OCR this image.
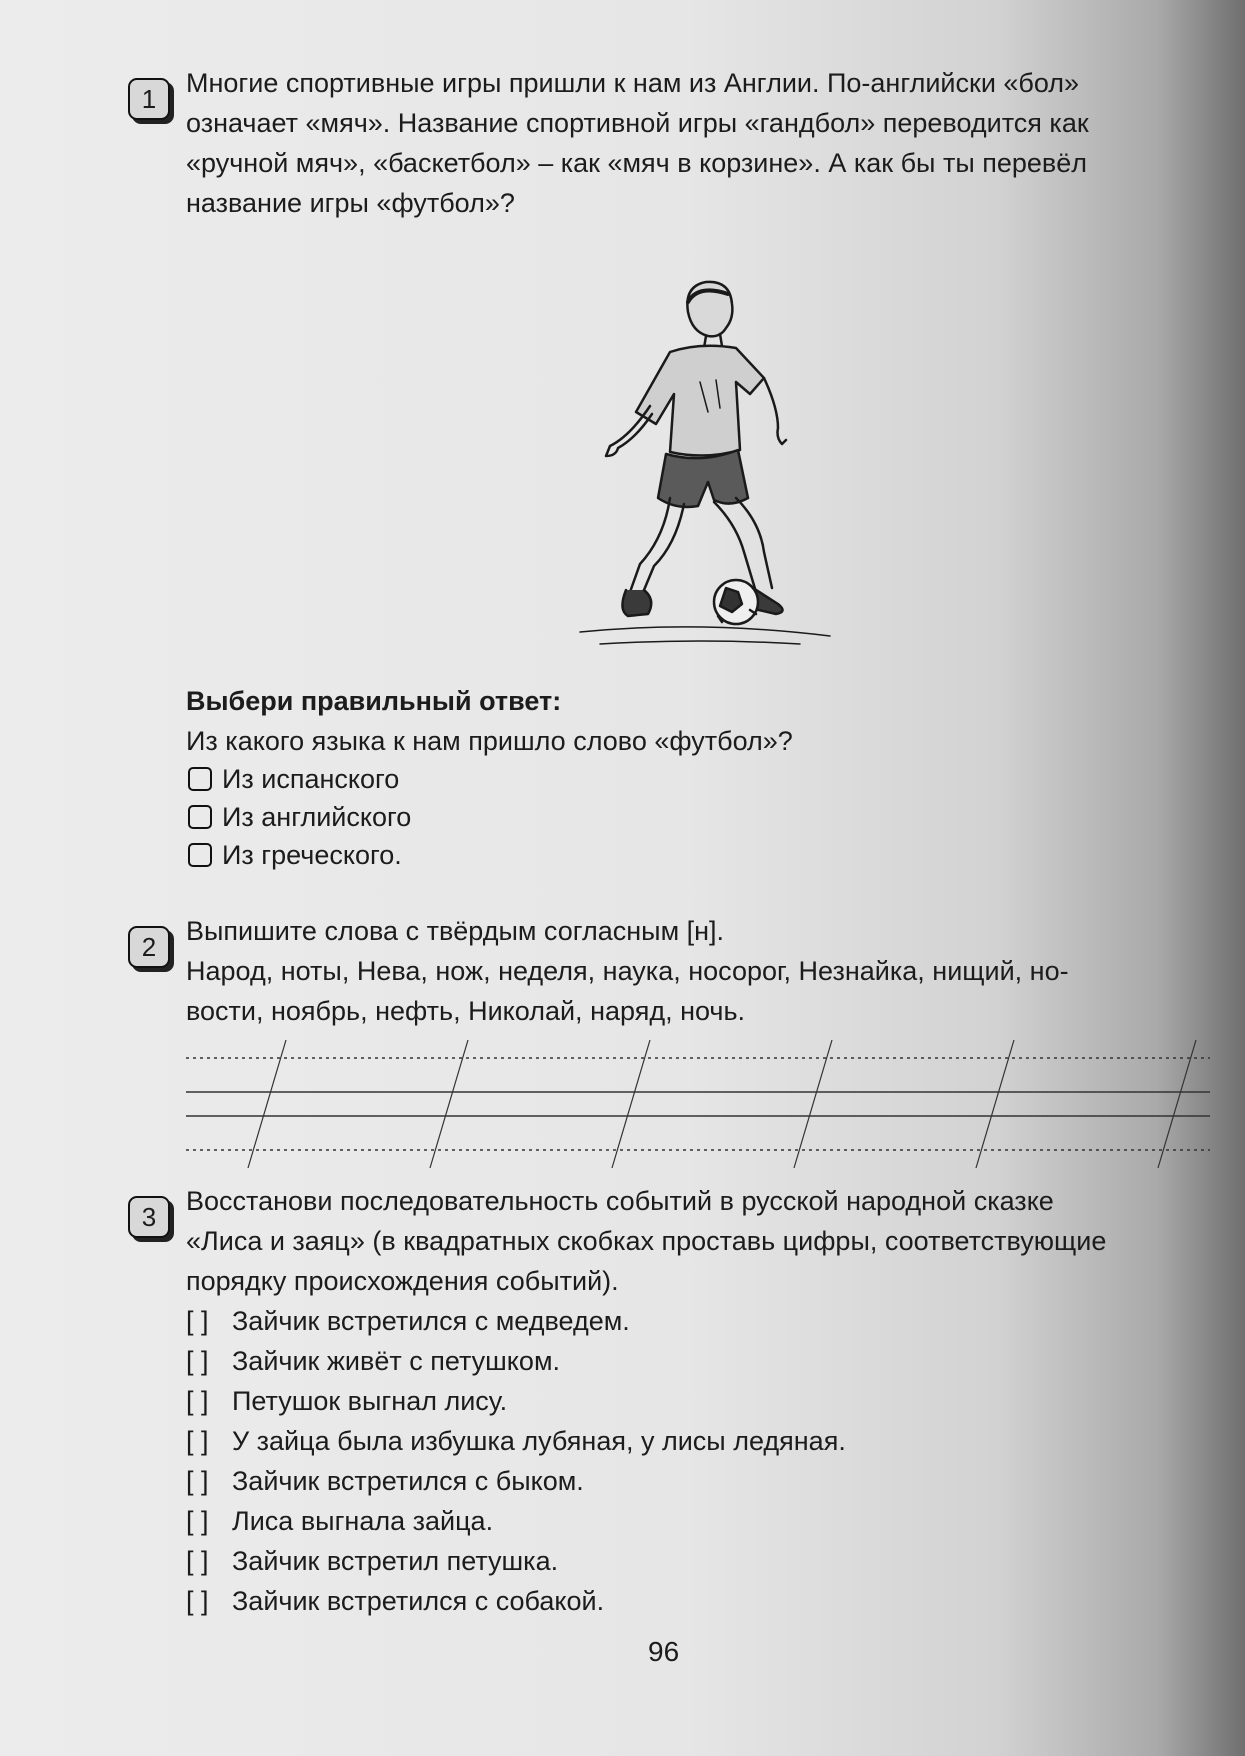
1

Многие спортивные игры пришли к нам из Англии. По-английски «бол»

означает «мяч». Название спортивной игры «гандбол» переводится как

«ручной мяч», «баскетбол» – как «мяч в корзине». А как бы ты перевёл

название игры «футбол»?

Выбери правильный ответ:
Из какого языка к нам пришло слово «футбол»?
Из испанского
Из английского
Из греческого.
2
Выпишите слова с твёрдым согласным [н].

Народ, ноты, Нева, нож, неделя, наука, носорог, Незнайка, нищий, но-

вости, ноябрь, нефть, Николай, наряд, ночь.

3

Восстанови последовательность событий в русской народной сказке

«Лиса и заяц» (в квадратных скобках проставь цифры, соответствующие

порядку происхождения событий).

[ ] Зайчик встретился с медведем.
[ ] Зайчик живёт с петушком.
[ ] Петушок выгнал лису.
[ ] У зайца была избушка лубяная, у лисы ледяная.
[ ] Зайчик встретился с быком.
[ ] Лиса выгнала зайца.
[ ] Зайчик встретил петушка.
[ ] Зайчик встретился с собакой.
96
